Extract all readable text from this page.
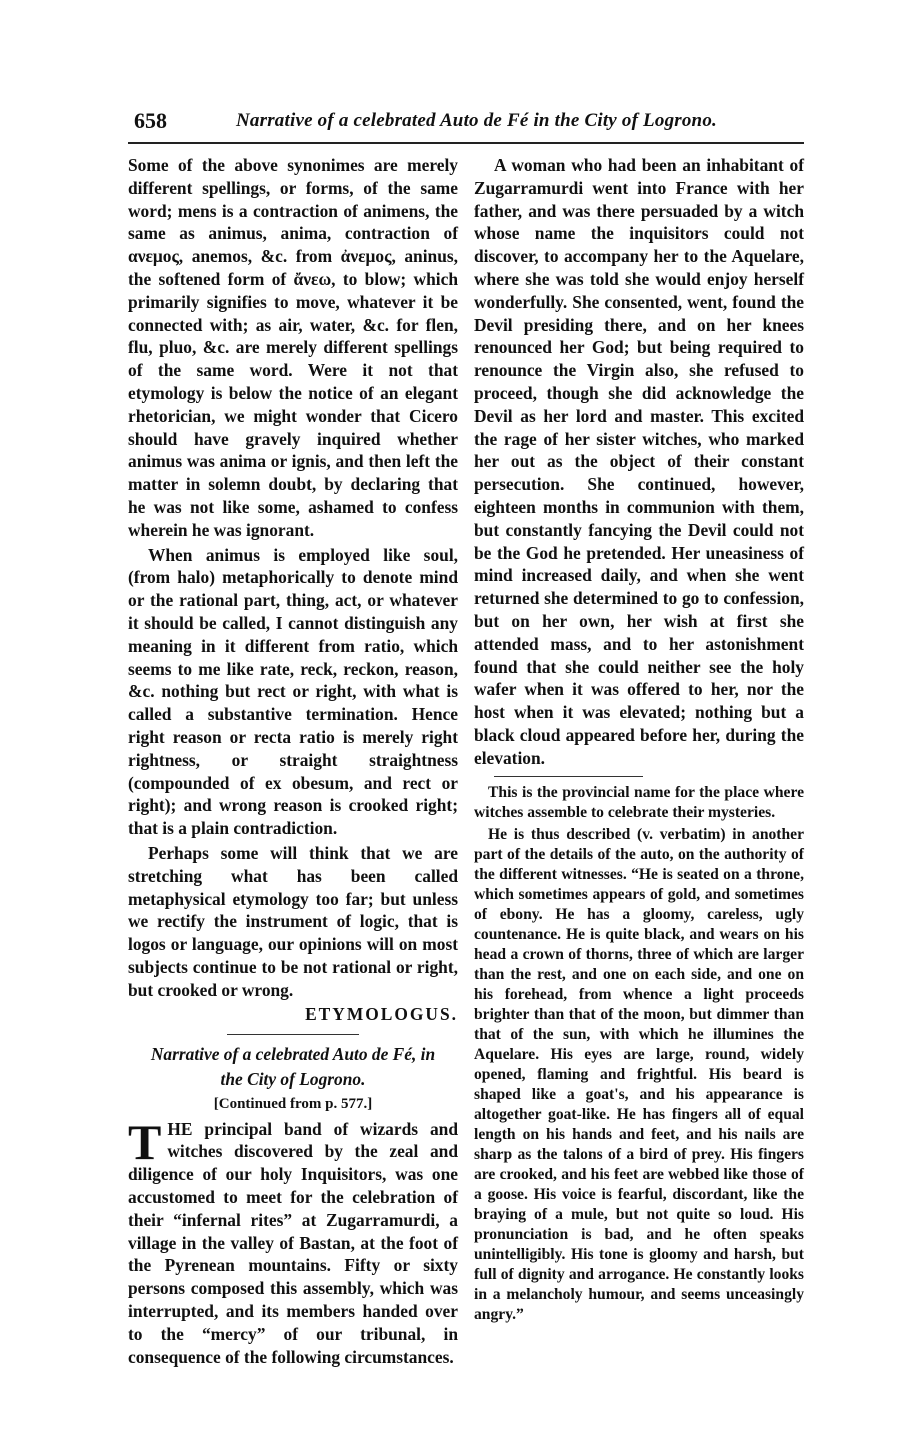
658	Narrative of a celebrated Auto de Fé in the City of Logrono.

Some of the above synonimes are merely different spellings, or forms, of the same word; mens is a contraction of animens, the same as animus, anima, contraction of ανεμος, anemos, &c. from ἀνεμος, aninus, the softened form of ἄνεω, to blow; which primarily signifies to move, whatever it be connected with; as air, water, &c. for flen, flu, pluo, &c. are merely different spellings of the same word. Were it not that etymology is below the notice of an elegant rhetorician, we might wonder that Cicero should have gravely inquired whether animus was anima or ignis, and then left the matter in solemn doubt, by declaring that he was not like some, ashamed to confess wherein he was ignorant.

When animus is employed like soul, (from halo) metaphorically to denote mind or the rational part, thing, act, or whatever it should be called, I cannot distinguish any meaning in it different from ratio, which seems to me like rate, reck, reckon, reason, &c. nothing but rect or right, with what is called a substantive termination. Hence right reason or recta ratio is merely right rightness, or straight straightness (compounded of ex obesum, and rect or right); and wrong reason is crooked right; that is a plain contradiction.

Perhaps some will think that we are stretching what has been called metaphysical etymology too far; but unless we rectify the instrument of logic, that is logos or language, our opinions will on most subjects continue to be not rational or right, but crooked or wrong.

ETYMOLOGUS.

Narrative of a celebrated Auto de Fé, in

the City of Logrono.

[Continued from p. 577.]

THE principal band of wizards and witches discovered by the zeal and diligence of our holy Inquisitors, was one accustomed to meet for the celebration of their “infernal rites” at Zugarramurdi, a village in the valley of Bastan, at the foot of the Pyrenean mountains. Fifty or sixty persons composed this assembly, which was interrupted, and its members handed over to the “mercy” of our tribunal, in consequence of the following circumstances.

A woman who had been an inhabitant of Zugarramurdi went into France with her father, and was there persuaded by a witch whose name the inquisitors could not discover, to accompany her to the Aquelare, where she was told she would enjoy herself wonderfully. She consented, went, found the Devil presiding there, and on her knees renounced her God; but being required to renounce the Virgin also, she refused to proceed, though she did acknowledge the Devil as her lord and master. This excited the rage of her sister witches, who marked her out as the object of their constant persecution. She continued, however, eighteen months in communion with them, but constantly fancying the Devil could not be the God he pretended. Her uneasiness of mind increased daily, and when she went returned she determined to go to confession, but on her own, her wish at first she attended mass, and to her astonishment found that she could neither see the holy wafer when it was offered to her, nor the host when it was elevated; nothing but a black cloud appeared before her, during the elevation.

This is the provincial name for the place where witches assemble to celebrate their mysteries.

He is thus described (v. verbatim) in another part of the details of the auto, on the authority of the different witnesses. “He is seated on a throne, which sometimes appears of gold, and sometimes of ebony. He has a gloomy, careless, ugly countenance. He is quite black, and wears on his head a crown of thorns, three of which are larger than the rest, and one on each side, and one on his forehead, from whence a light proceeds brighter than that of the moon, but dimmer than that of the sun, with which he illumines the Aquelare. His eyes are large, round, widely opened, flaming and frightful. His beard is shaped like a goat's, and his appearance is altogether goat-like. He has fingers all of equal length on his hands and feet, and his nails are sharp as the talons of a bird of prey. His fingers are crooked, and his feet are webbed like those of a goose. His voice is fearful, discordant, like the braying of a mule, but not quite so loud. His pronunciation is bad, and he often speaks unintelligibly. His tone is gloomy and harsh, but full of dignity and arrogance. He constantly looks in a melancholy humour, and seems unceasingly angry.”
